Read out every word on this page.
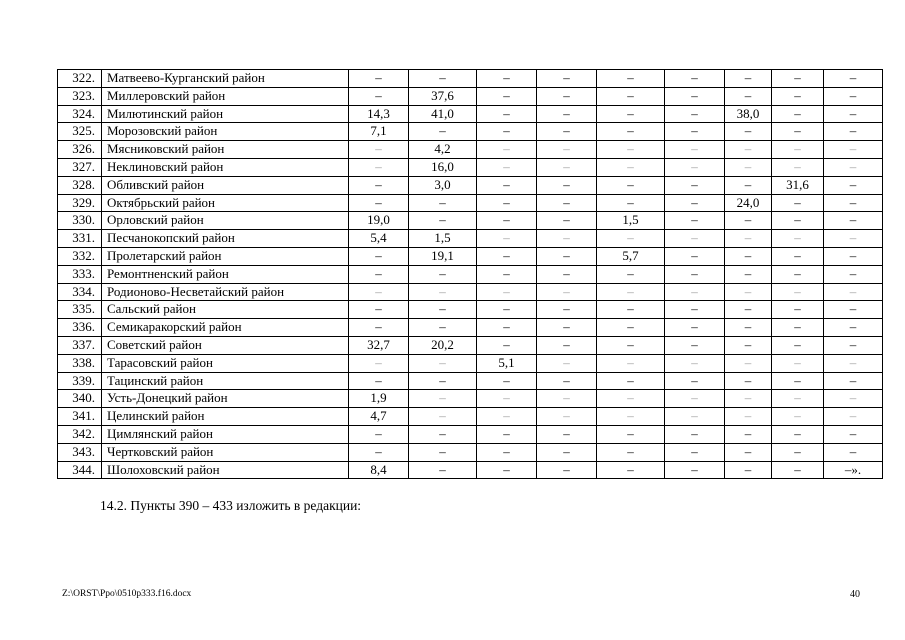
322.	Матвеево-Курганский район	–	–	–	–	–	–	–	–	–
323.	Миллеровский район	–	37,6	–	–	–	–	–	–	–
324.	Милютинский район	14,3	41,0	–	–	–	–	38,0	–	–
325.	Морозовский район	7,1	–	–	–	–	–	–	–	–
326.	Мясниковский район	–	4,2	–	–	–	–	–	–	–
327.	Неклиновский район	–	16,0	–	–	–	–	–	–	–
328.	Обливский район	–	3,0	–	–	–	–	–	31,6	–
329.	Октябрьский район	–	–	–	–	–	–	24,0	–	–
330.	Орловский район	19,0	–	–	–	1,5	–	–	–	–
331.	Песчанокопский район	5,4	1,5	–	–	–	–	–	–	–
332.	Пролетарский район	–	19,1	–	–	5,7	–	–	–	–
333.	Ремонтненский район	–	–	–	–	–	–	–	–	–
334.	Родионово-Несветайский район	–	–	–	–	–	–	–	–	–
335.	Сальский район	–	–	–	–	–	–	–	–	–
336.	Семикаракорский район	–	–	–	–	–	–	–	–	–
337.	Советский район	32,7	20,2	–	–	–	–	–	–	–
338.	Тарасовский район	–	–	5,1	–	–	–	–	–	–
339.	Тацинский район	–	–	–	–	–	–	–	–	–
340.	Усть-Донецкий район	1,9	–	–	–	–	–	–	–	–
341.	Целинский район	4,7	–	–	–	–	–	–	–	–
342.	Цимлянский район	–	–	–	–	–	–	–	–	–
343.	Чертковский район	–	–	–	–	–	–	–	–	–
344.	Шолоховский район	8,4	–	–	–	–	–	–	–	–».
14.2. Пункты 390 – 433 изложить в редакции:
Z:\ORST\Ppo\0510p333.f16.docx	40
